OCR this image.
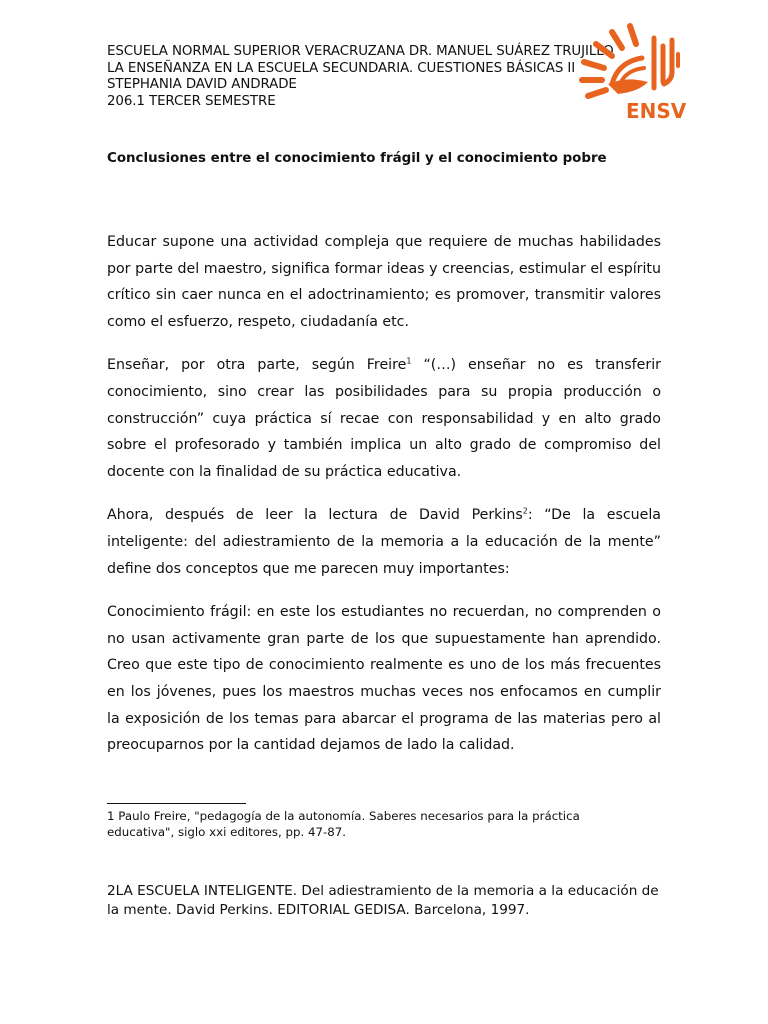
ESCUELA NORMAL SUPERIOR VERACRUZANA DR. MANUEL SUÁREZ TRUJILLO
LA ENSEÑANZA EN LA ESCUELA SECUNDARIA. CUESTIONES BÁSICAS II
STEPHANIA DAVID ANDRADE
206.1 TERCER SEMESTRE	ENSV
Conclusiones entre el conocimiento frágil y el conocimiento pobre

Educar supone una actividad compleja que requiere de muchas habilidades por parte del maestro, significa formar ideas y creencias, estimular el espíritu crítico sin caer nunca en el adoctrinamiento; es promover, transmitir valores como el esfuerzo, respeto, ciudadanía etc.

Enseñar, por otra parte, según Freire$^1$ “(…) enseñar no es transferir conocimiento, sino crear las posibilidades para su propia producción o construcción” cuya práctica sí recae con responsabilidad y en alto grado sobre el profesorado y también implica un alto grado de compromiso del docente con la finalidad de su práctica educativa.

Ahora, después de leer la lectura de David Perkins$^2$: “De la escuela inteligente: del adiestramiento de la memoria a la educación de la mente” define dos conceptos que me parecen muy importantes:

Conocimiento frágil: en este los estudiantes no recuerdan, no comprenden o no usan activamente gran parte de los que supuestamente han aprendido. Creo que este tipo de conocimiento realmente es uno de los más frecuentes en los jóvenes, pues los maestros muchas veces nos enfocamos en cumplir la exposición de los temas para abarcar el programa de las materias pero al preocuparnos por la cantidad dejamos de lado la calidad.

1 Paulo Freire, "pedagogía de la autonomía. Saberes necesarios para la práctica educativa", siglo xxi editores, pp. 47-87.
2LA ESCUELA INTELIGENTE. Del adiestramiento de la memoria a la educación de la mente. David Perkins. EDITORIAL GEDISA. Barcelona, 1997.
